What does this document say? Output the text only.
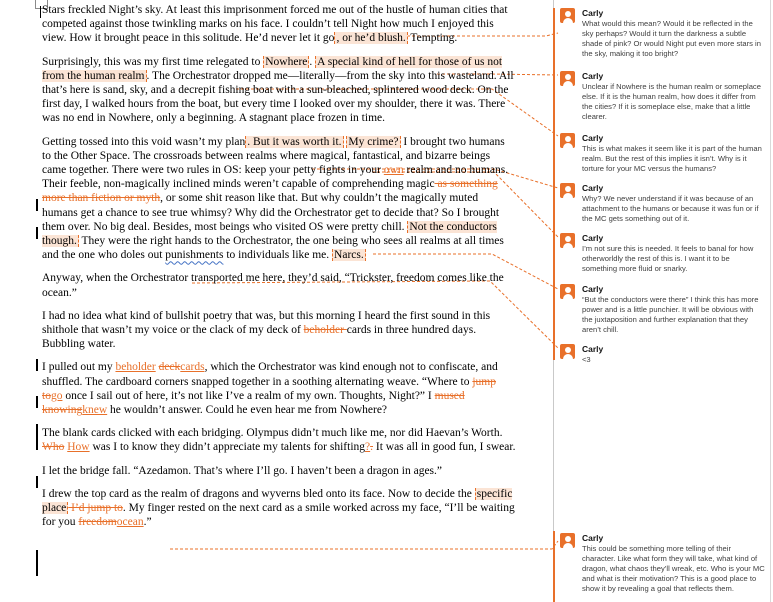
Stars freckled Night’s sky. At least this imprisonment forced me out of the hustle of human cities that competed against those twinkling marks on his face. I couldn’t tell Night how much I enjoyed this view. How it brought peace in this solitude. He’d never let it go , or he’d blush. Tempting.

Surprisingly, this was my first time relegated to Nowhere . A special kind of hell for those of us not from the human realm . The Orchestrator dropped me—literally—from the sky into this wasteland. All that’s here is sand, sky, and a decrepit fishing boat with a sun-bleached, splintered wood deck. On the first day, I walked hours from the boat, but every time I looked over my shoulder, there it was. There was no end in Nowhere, only a beginning. A stagnant place frozen in time.

Getting tossed into this void wasn’t my plan . But it was worth it. My crime? I brought two humans to the Other Space. The crossroads between realms where magical, fantastical, and bizarre beings came together. There were two rules in OS: keep your petty fights in your own realm and no humans. Their feeble, non-magically inclined minds weren’t capable of comprehending magic as something more than fiction or myth, or some shit reason like that. But why couldn’t the magically muted humans get a chance to see true whimsy? Why did the Orchestrator get to decide that? So I brought them over. No big deal. Besides, most beings who visited OS were pretty chill. Not the conductors though. They were the right hands to the Orchestrator, the one being who sees all realms at all times and the one who doles out punishments to individuals like me. Narcs.

Anyway, when the Orchestrator transported me here, they’d said, “Trickster, freedom comes like the ocean.”

I had no idea what kind of bullshit poetry that was, but this morning I heard the first sound in this shithole that wasn’t my voice or the clack of my deck of beholder cards in three hundred days. Bubbling water.

I pulled out my beholder deckcards, which the Orchestrator was kind enough not to confiscate, and shuffled. The cardboard corners snapped together in a soothing alternating weave. “Where to jump togo once I sail out of here, it’s not like I’ve a realm of my own. Thoughts, Night?” I mused knowingknew he wouldn’t answer. Could he even hear me from Nowhere?

The blank cards clicked with each bridging. Olympus didn’t much like me, nor did Haevan’s Worth. Who How was I to know they didn’t appreciate my talents for shifting?. It was all in good fun, I swear.

I let the bridge fall. “Azedamon. That’s where I’ll go. I haven’t been a dragon in ages.”

I drew the top card as the realm of dragons and wyverns bled onto its face. Now to decide the specific place I’d jump to. My finger rested on the next card as a smile worked across my face, “I’ll be waiting for you freedomocean.”

Carly
What would this mean? Would it be reflected in the sky perhaps? Would it turn the darkness a subtle shade of pink? Or would Night put even more stars in the sky, making it too bright?
Carly
Unclear if Nowhere is the human realm or someplace else. If it is the human realm, how does it differ from the cities? If it is someplace else, make that a little clearer.
Carly
This is what makes it seem like it is part of the human realm. But the rest of this implies it isn’t. Why is it torture for your MC versus the humans?
Carly
Why? We never understand if it was because of an attachment to the humans or because it was fun or if the MC gets something out of it.
Carly
I’m not sure this is needed. It feels to banal for how otherworldly the rest of this is. I want it to be something more fluid or snarky.
Carly
“But the conductors were there” I think this has more power and is a little punchier. It will be obvious with the juxtaposition and further explanation that they aren’t chill.
Carly
<3
Carly
This could be something more telling of their character. Like what form they will take, what kind of dragon, what chaos they’ll wreak, etc. Who is your MC and what is their motivation? This is a good place to show it by revealing a goal that reflects them.
